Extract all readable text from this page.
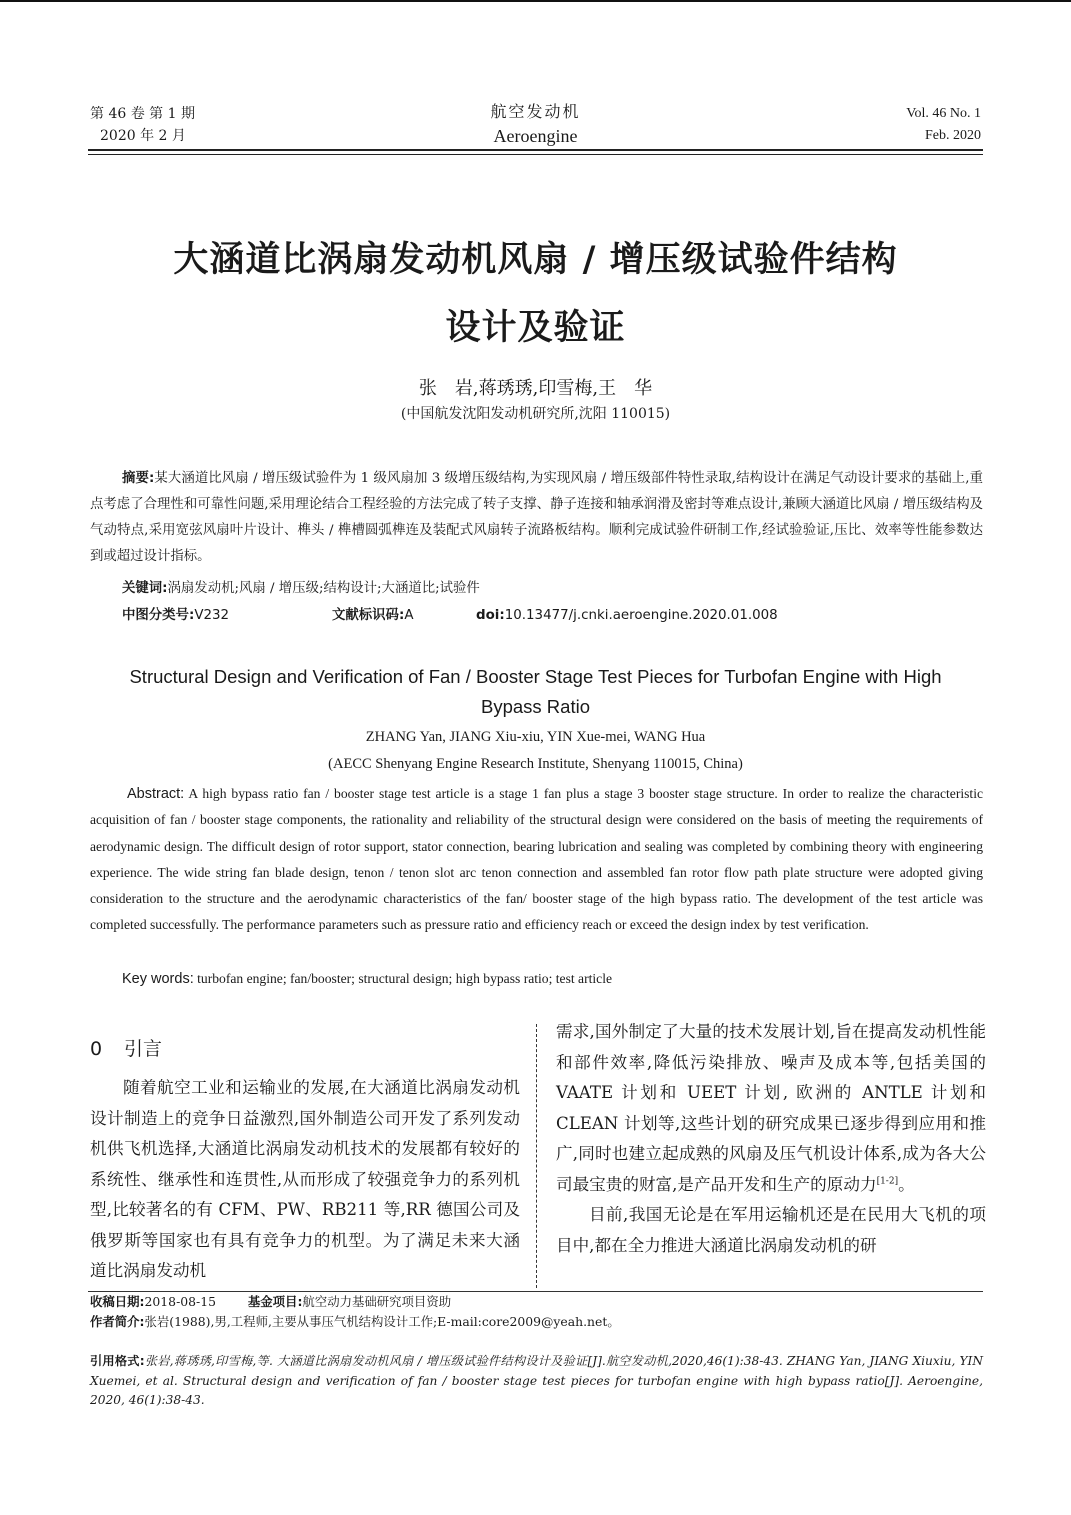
第 46 卷 第 1 期
2020 年 2 月
航空发动机
Aeroengine
Vol. 46 No. 1
Feb. 2020
大涵道比涡扇发动机风扇 / 增压级试验件结构
设计及验证
张　岩,蒋琇琇,印雪梅,王　华
(中国航发沈阳发动机研究所,沈阳 110015)
摘要:某大涵道比风扇 / 增压级试验件为 1 级风扇加 3 级增压级结构,为实现风扇 / 增压级部件特性录取,结构设计在满足气动设计要求的基础上,重点考虑了合理性和可靠性问题,采用理论结合工程经验的方法完成了转子支撑、静子连接和轴承润滑及密封等难点设计,兼顾大涵道比风扇 / 增压级结构及气动特点,采用宽弦风扇叶片设计、榫头 / 榫槽圆弧榫连及装配式风扇转子流路板结构。顺利完成试验件研制工作,经试验验证,压比、效率等性能参数达到或超过设计指标。
关键词:涡扇发动机;风扇 / 增压级;结构设计;大涵道比;试验件
中图分类号:V232	文献标识码:A	doi:10.13477/j.cnki.aeroengine.2020.01.008
Structural Design and Verification of Fan / Booster Stage Test Pieces for Turbofan Engine with High Bypass Ratio
ZHANG Yan, JIANG Xiu-xiu, YIN Xue-mei, WANG Hua
(AECC Shenyang Engine Research Institute, Shenyang 110015, China)
Abstract: A high bypass ratio fan / booster stage test article is a stage 1 fan plus a stage 3 booster stage structure. In order to realize the characteristic acquisition of fan / booster stage components, the rationality and reliability of the structural design were considered on the basis of meeting the requirements of aerodynamic design. The difficult design of rotor support, stator connection, bearing lubrication and sealing was completed by combining theory with engineering experience. The wide string fan blade design, tenon / tenon slot arc tenon connection and assembled fan rotor flow path plate structure were adopted giving consideration to the structure and the aerodynamic characteristics of the fan/ booster stage of the high bypass ratio. The development of the test article was completed successfully. The performance parameters such as pressure ratio and efficiency reach or exceed the design index by test verification.
Key words: turbofan engine; fan/booster; structural design; high bypass ratio; test article
0 引言

随着航空工业和运输业的发展,在大涵道比涡扇发动机设计制造上的竞争日益激烈,国外制造公司开发了系列发动机供飞机选择,大涵道比涡扇发动机技术的发展都有较好的系统性、继承性和连贯性,从而形成了较强竞争力的系列机型,比较著名的有 CFM、PW、RB211 等,RR 德国公司及俄罗斯等国家也有具有竞争力的机型。为了满足未来大涵道比涡扇发动机

需求,国外制定了大量的技术发展计划,旨在提高发动机性能和部件效率,降低污染排放、噪声及成本等,包括美国的 VAATE 计划和 UEET 计划, 欧洲的 ANTLE 计划和 CLEAN 计划等,这些计划的研究成果已逐步得到应用和推广,同时也建立起成熟的风扇及压气机设计体系,成为各大公司最宝贵的财富,是产品开发和生产的原动力[1-2]。

目前,我国无论是在军用运输机还是在民用大飞机的项目中,都在全力推进大涵道比涡扇发动机的研

收稿日期:2018-08-15	基金项目:航空动力基础研究项目资助
作者简介:张岩(1988),男,工程师,主要从事压气机结构设计工作;E-mail:core2009@yeah.net。
引用格式:张岩,蒋琇琇,印雪梅,等. 大涵道比涡扇发动机风扇 / 增压级试验件结构设计及验证[J].航空发动机,2020,46(1):38-43. ZHANG Yan, JIANG Xiuxiu, YIN Xuemei, et al. Structural design and verification of fan / booster stage test pieces for turbofan engine with high bypass ratio[J]. Aeroengine, 2020, 46(1):38-43.
